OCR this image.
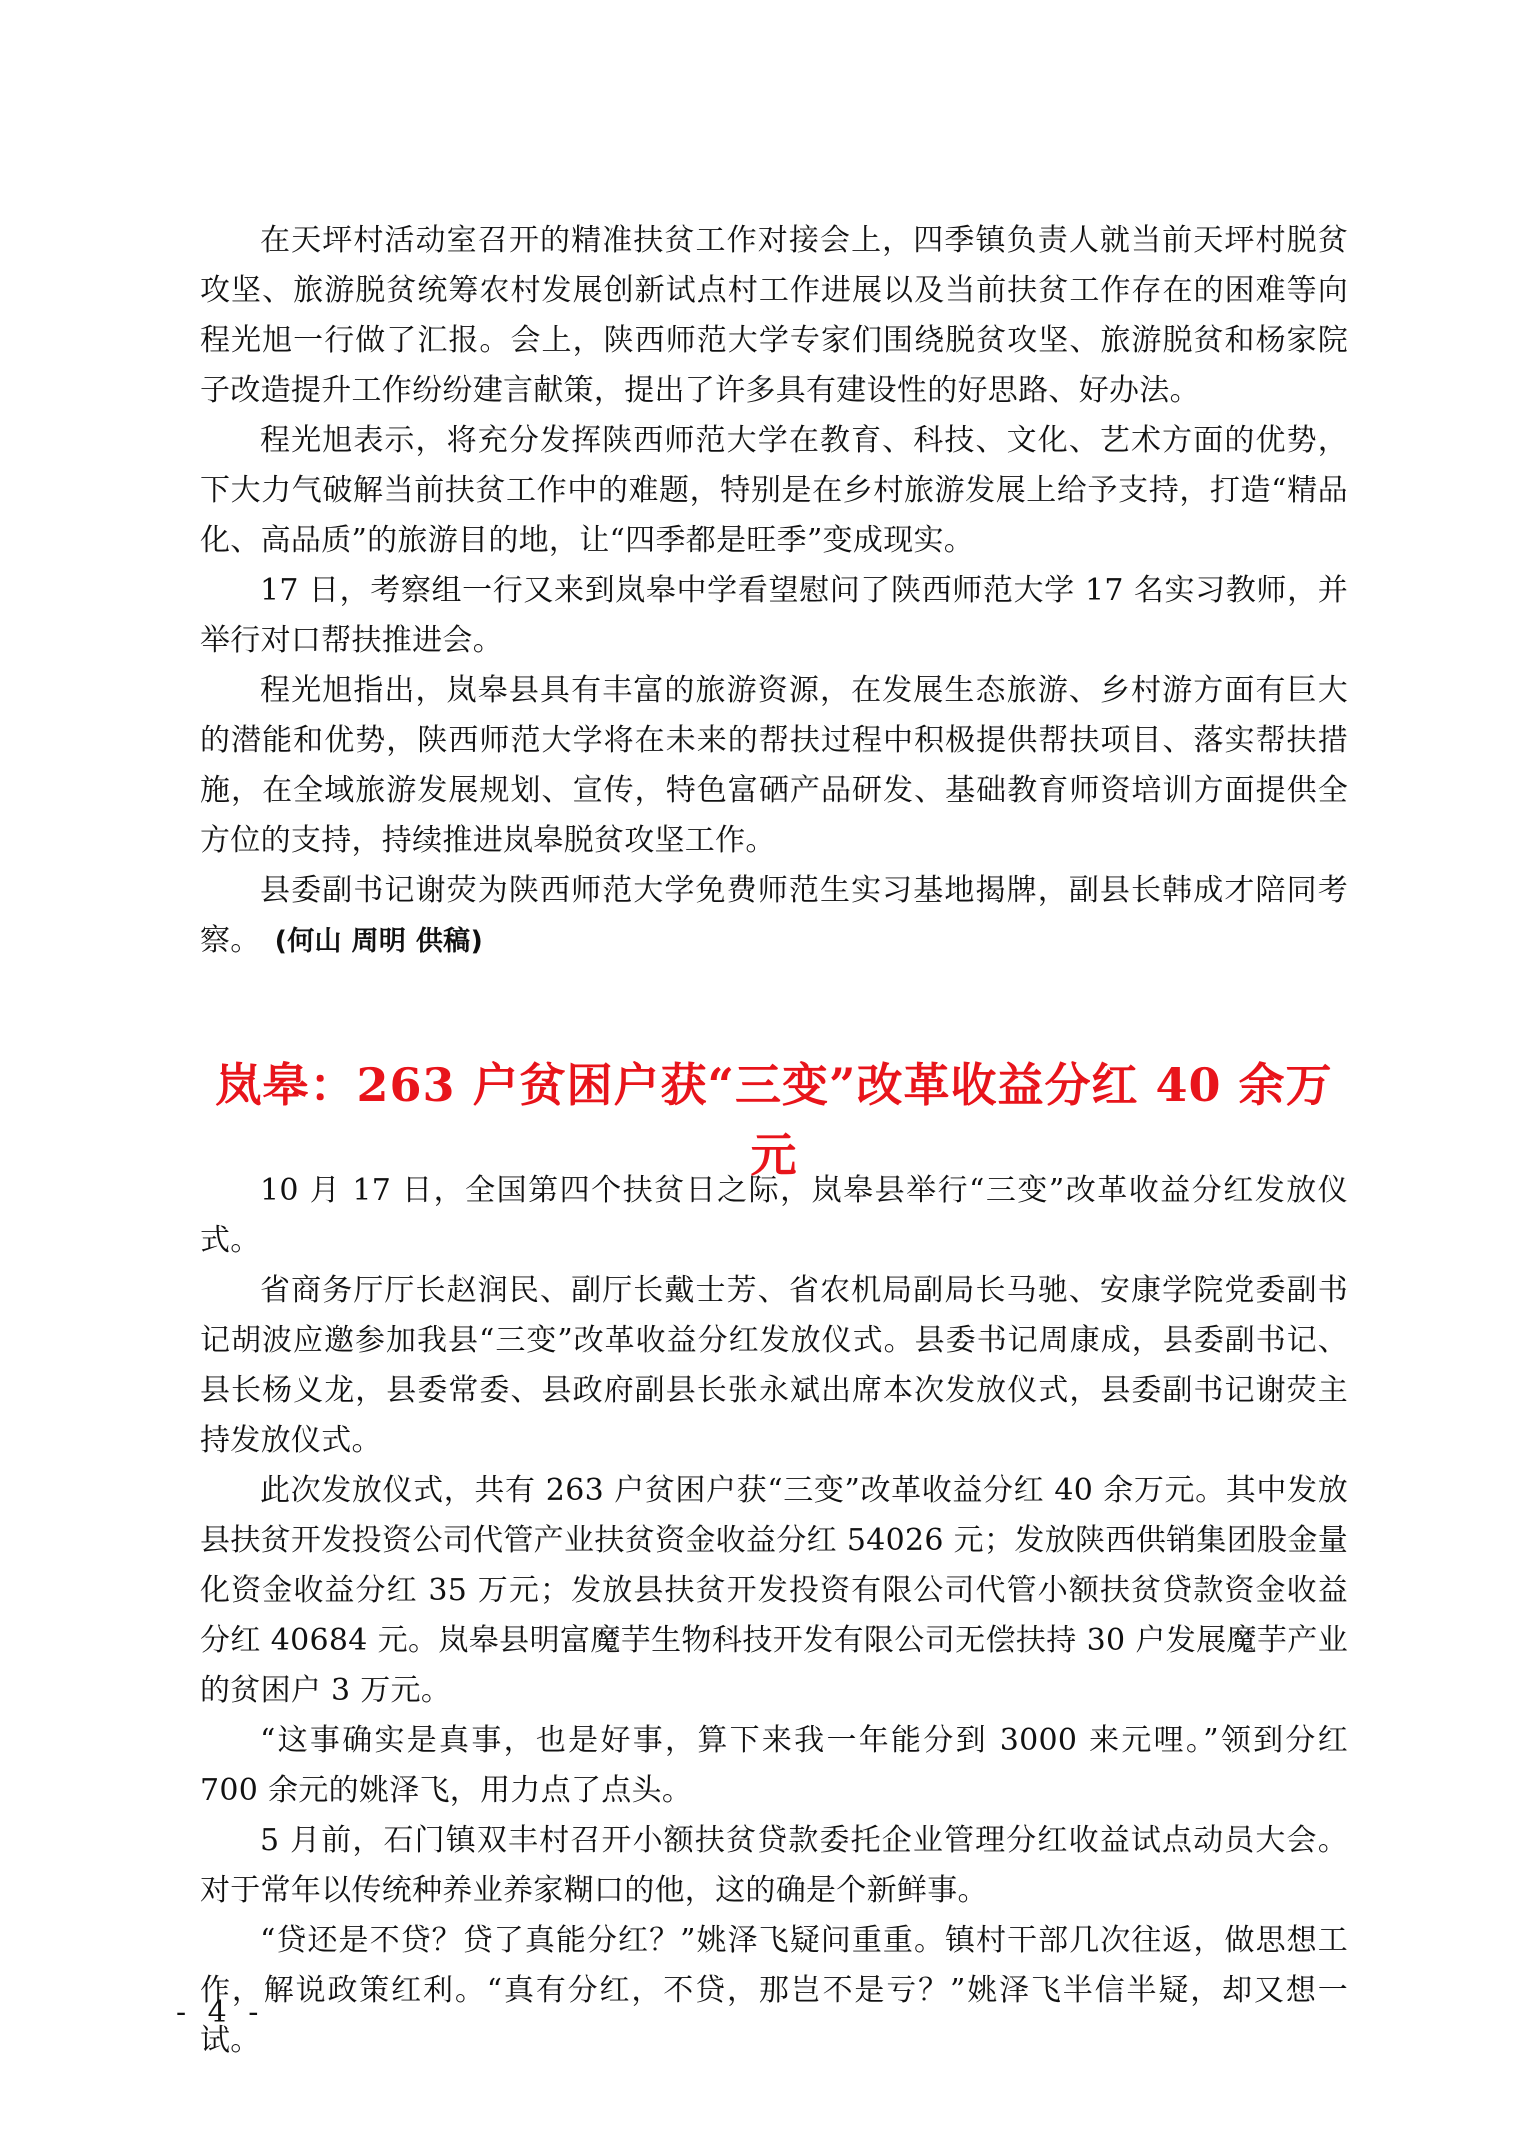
在天坪村活动室召开的精准扶贫工作对接会上，四季镇负责人就当前天坪村脱贫攻坚、旅游脱贫统筹农村发展创新试点村工作进展以及当前扶贫工作存在的困难等向程光旭一行做了汇报。会上，陕西师范大学专家们围绕脱贫攻坚、旅游脱贫和杨家院子改造提升工作纷纷建言献策，提出了许多具有建设性的好思路、好办法。

程光旭表示，将充分发挥陕西师范大学在教育、科技、文化、艺术方面的优势，下大力气破解当前扶贫工作中的难题，特别是在乡村旅游发展上给予支持，打造“精品化、高品质”的旅游目的地，让“四季都是旺季”变成现实。

17 日，考察组一行又来到岚皋中学看望慰问了陕西师范大学 17 名实习教师，并举行对口帮扶推进会。

程光旭指出，岚皋县具有丰富的旅游资源，在发展生态旅游、乡村游方面有巨大的潜能和优势，陕西师范大学将在未来的帮扶过程中积极提供帮扶项目、落实帮扶措施，在全域旅游发展规划、宣传，特色富硒产品研发、基础教育师资培训方面提供全方位的支持，持续推进岚皋脱贫攻坚工作。

县委副书记谢荧为陕西师范大学免费师范生实习基地揭牌，副县长韩成才陪同考察。 (何山 周明 供稿)

岚皋：263 户贫困户获“三变”改革收益分红 40 余万元

10 月 17 日，全国第四个扶贫日之际，岚皋县举行“三变”改革收益分红发放仪式。

省商务厅厅长赵润民、副厅长戴士芳、省农机局副局长马驰、安康学院党委副书记胡波应邀参加我县“三变”改革收益分红发放仪式。县委书记周康成，县委副书记、县长杨义龙，县委常委、县政府副县长张永斌出席本次发放仪式，县委副书记谢荧主持发放仪式。

此次发放仪式，共有 263 户贫困户获“三变”改革收益分红 40 余万元。其中发放县扶贫开发投资公司代管产业扶贫资金收益分红 54026 元；发放陕西供销集团股金量化资金收益分红 35 万元；发放县扶贫开发投资有限公司代管小额扶贫贷款资金收益分红 40684 元。岚皋县明富魔芋生物科技开发有限公司无偿扶持 30 户发展魔芋产业的贫困户 3 万元。

“这事确实是真事，也是好事，算下来我一年能分到 3000 来元哩。”领到分红 700 余元的姚泽飞，用力点了点头。

5 月前，石门镇双丰村召开小额扶贫贷款委托企业管理分红收益试点动员大会。对于常年以传统种养业养家糊口的他，这的确是个新鲜事。

“贷还是不贷？贷了真能分红？”姚泽飞疑问重重。镇村干部几次往返，做思想工作，解说政策红利。“真有分红，不贷，那岂不是亏？”姚泽飞半信半疑，却又想一试。

- 4 -
